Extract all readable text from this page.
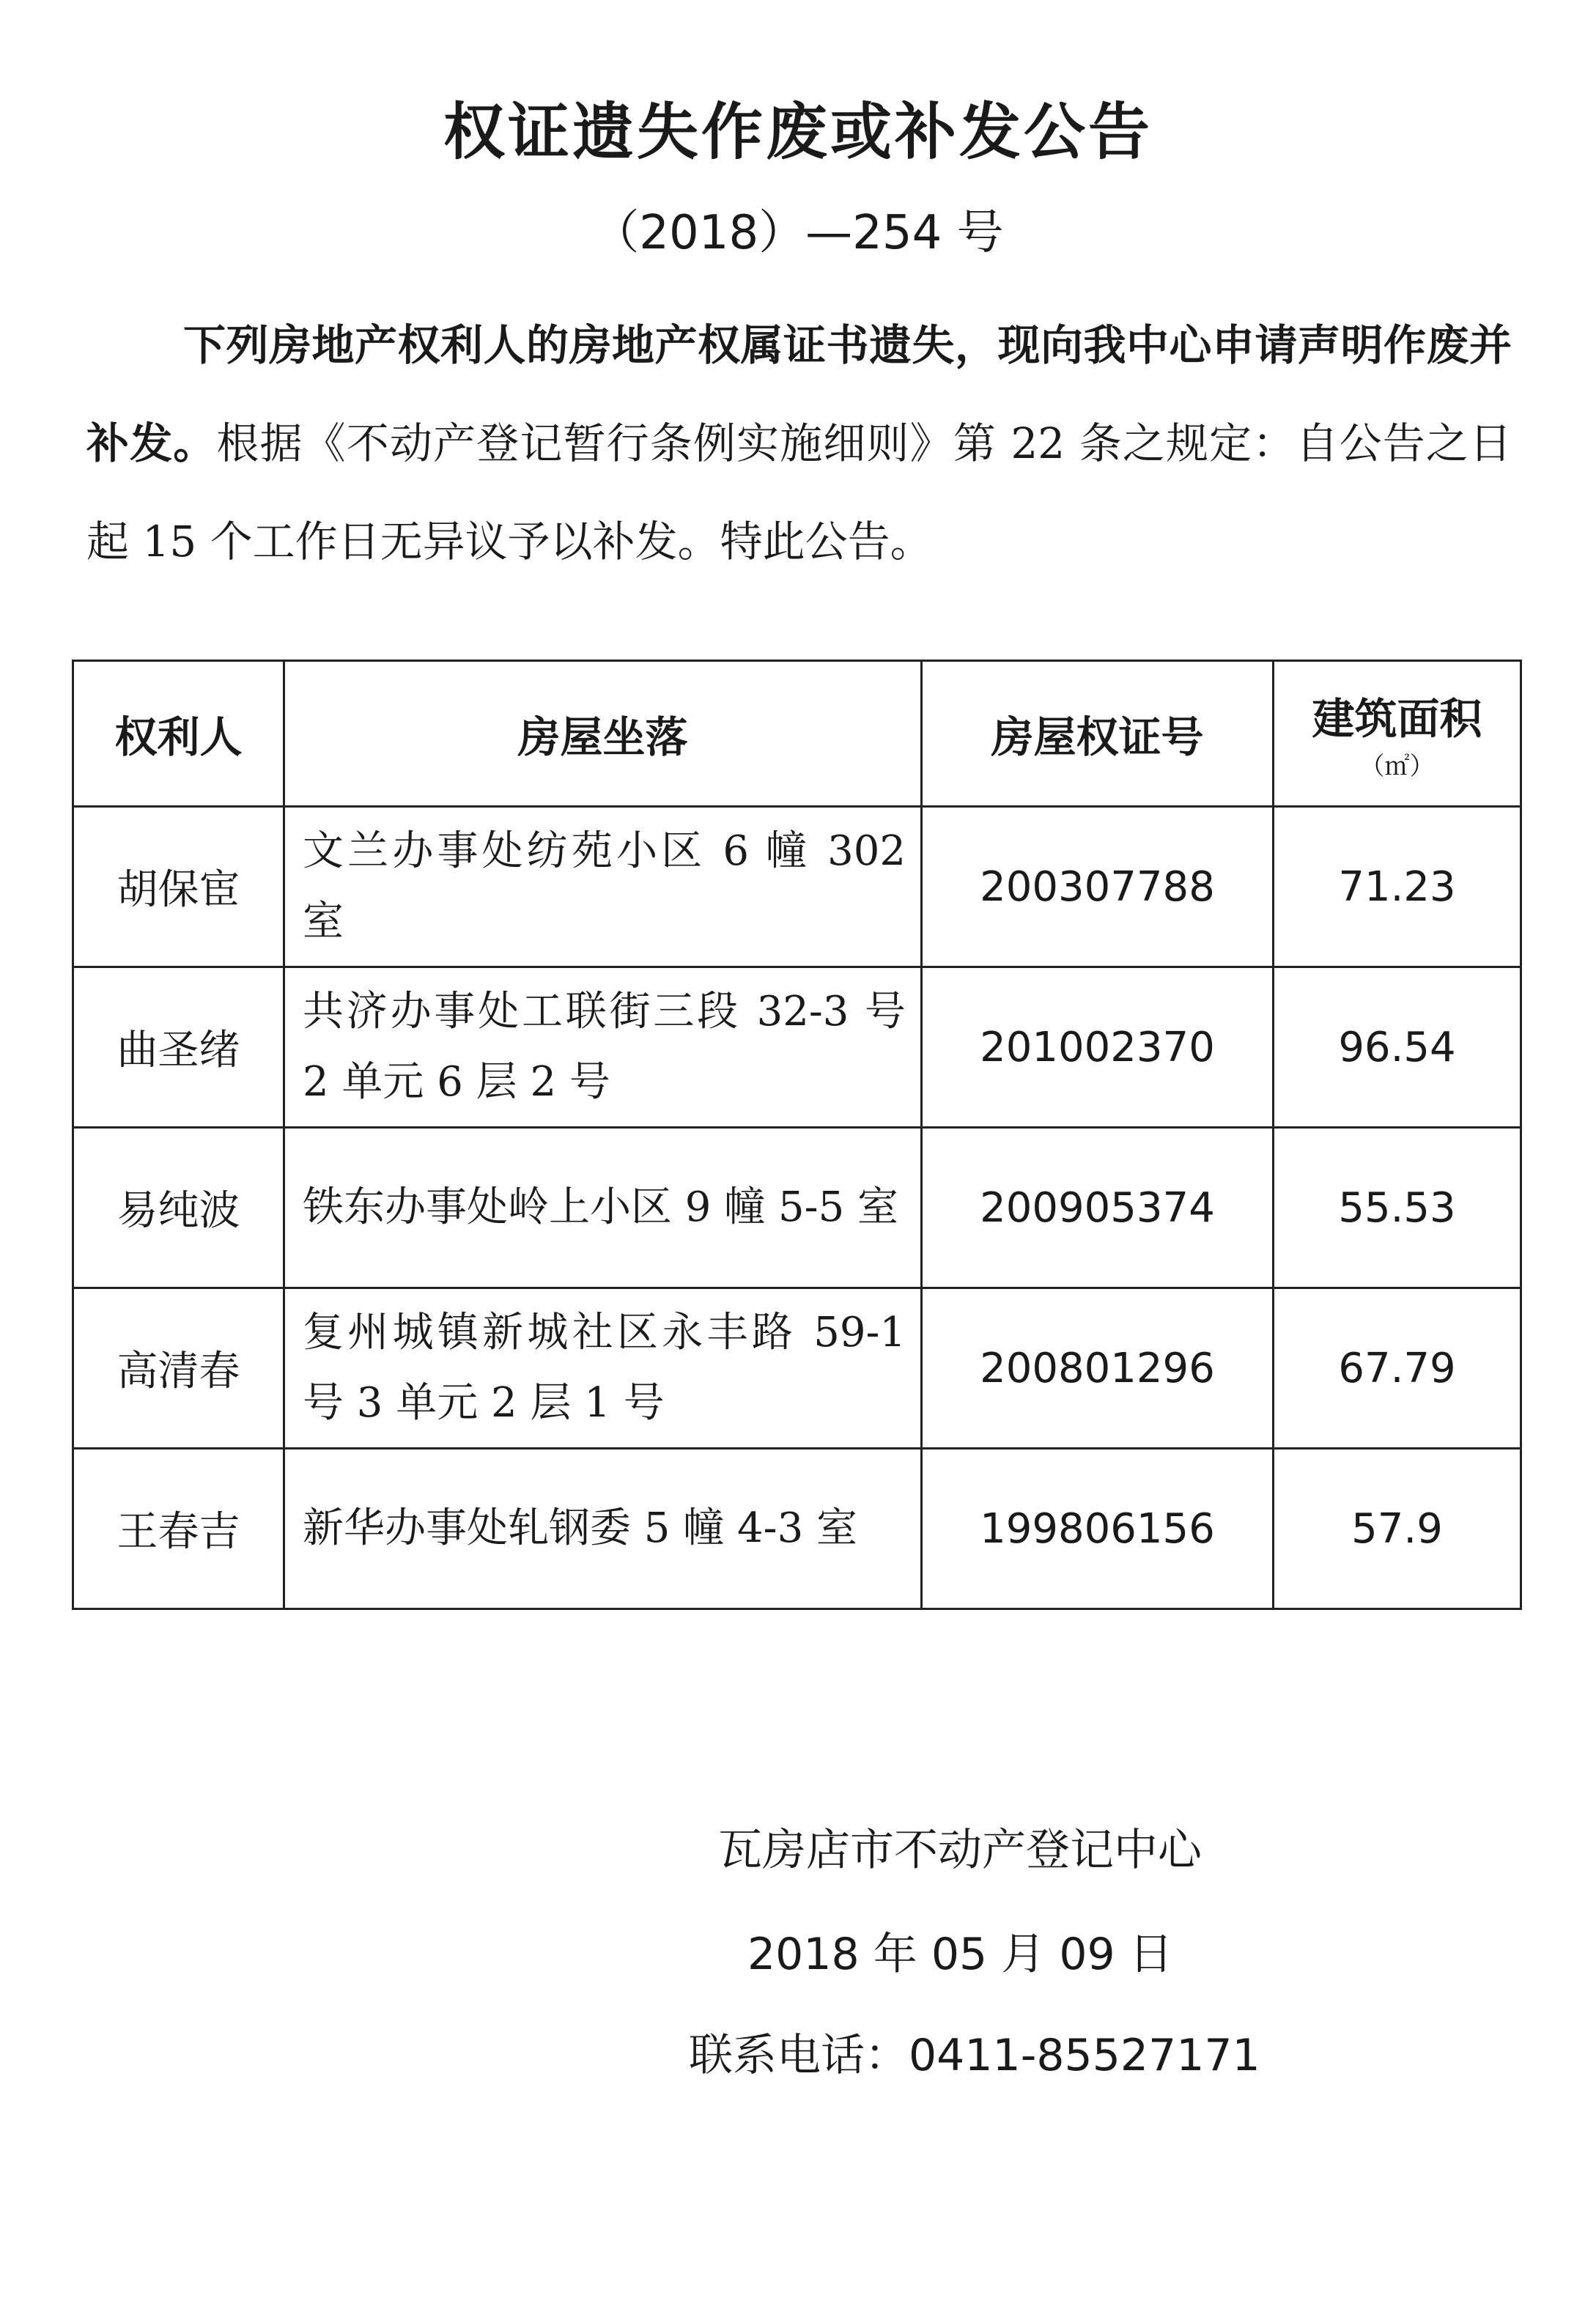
权证遗失作废或补发公告
（2018）—254 号
下列房地产权利人的房地产权属证书遗失，现向我中心申请声明作废并补发。根据《不动产登记暂行条例实施细则》第 22 条之规定：自公告之日起 15 个工作日无异议予以补发。特此公告。
权利人	房屋坐落	房屋权证号	建筑面积
（㎡）

胡保宦	文兰办事处纺苑小区 6 幢 302 室	200307788	71.23
曲圣绪	共济办事处工联街三段 32-3 号 2 单元 6 层 2 号	201002370	96.54
易纯波	铁东办事处岭上小区 9 幢 5-5 室	200905374	55.53
高清春	复州城镇新城社区永丰路 59-1 号 3 单元 2 层 1 号	200801296	67.79
王春吉	新华办事处轧钢委 5 幢 4-3 室	199806156	57.9
瓦房店市不动产登记中心
2018 年 05 月 09 日
联系电话：0411-85527171
